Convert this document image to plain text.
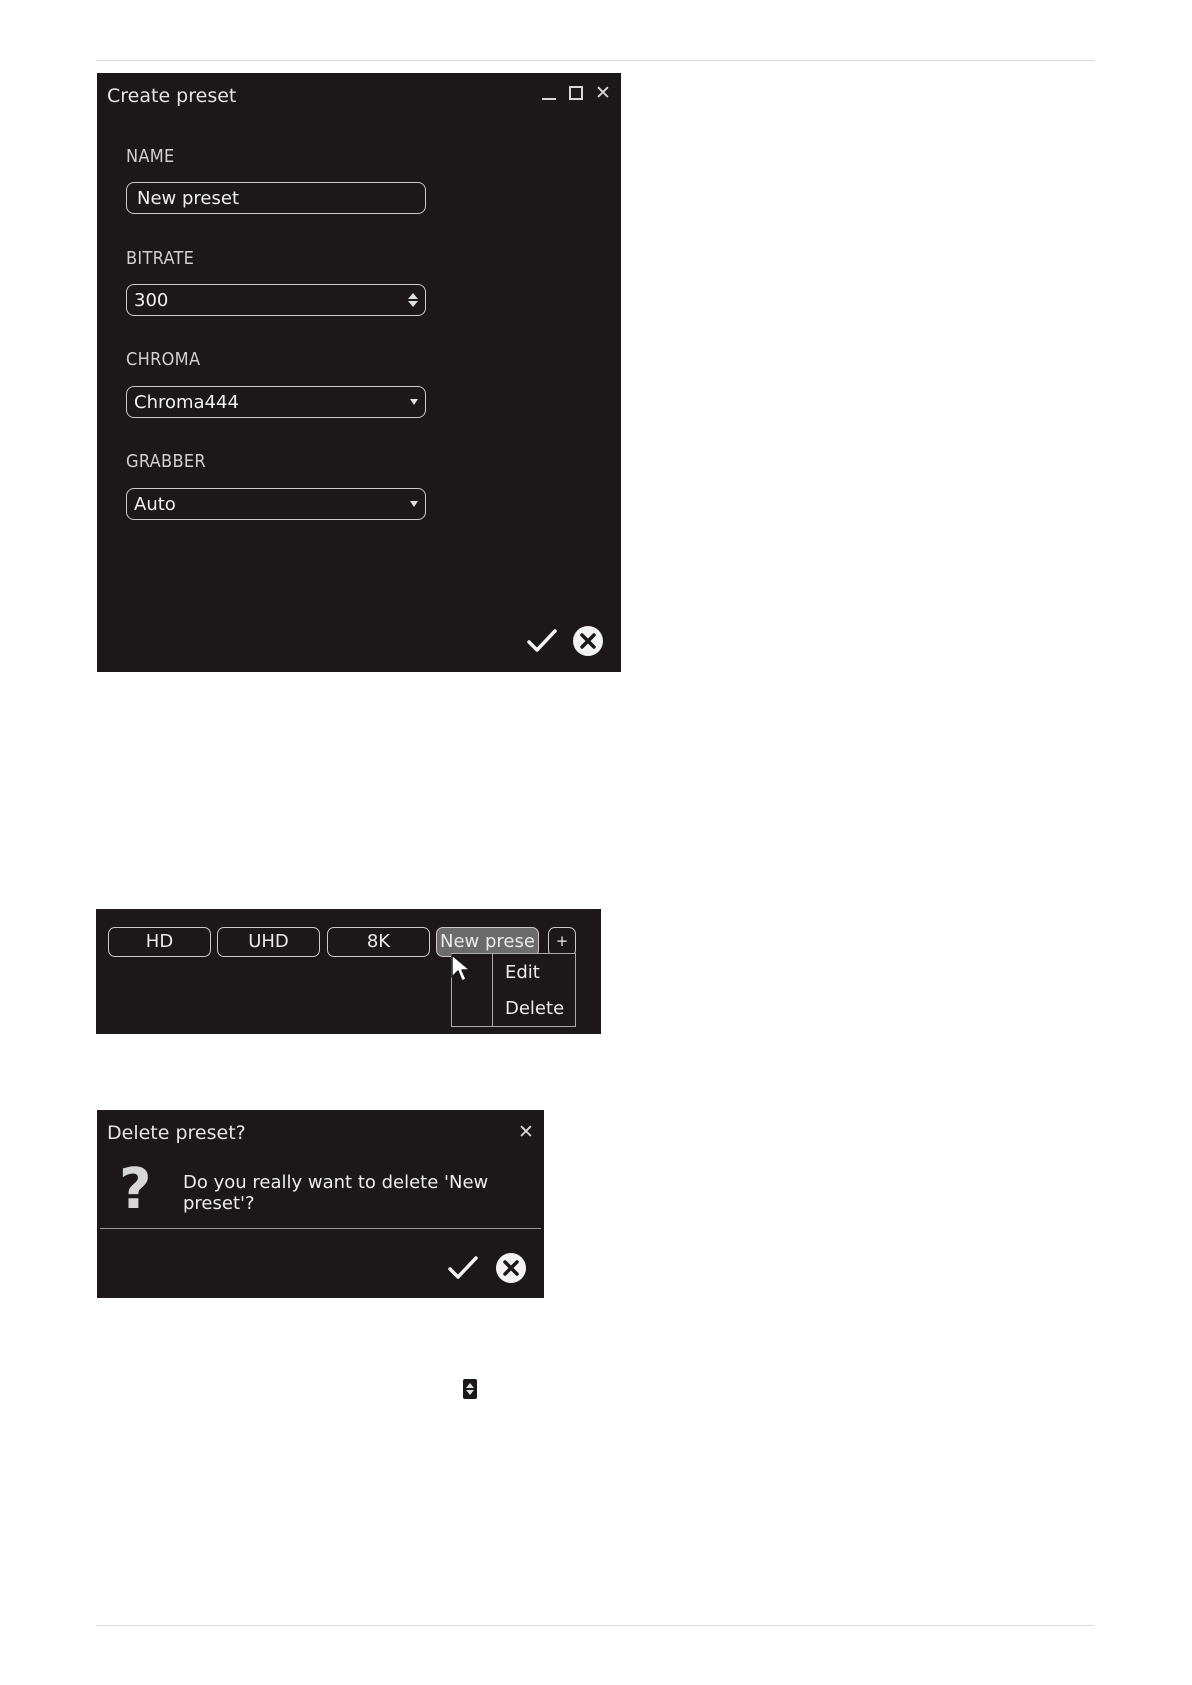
Create preset	✕
NAME
New preset
BITRATE
300
CHROMA
Chroma444
GRABBER
Auto
HD	UHD	8K	New prese	+
Edit
Delete
Delete preset?	✕
? Do you really want to delete 'New preset'?
